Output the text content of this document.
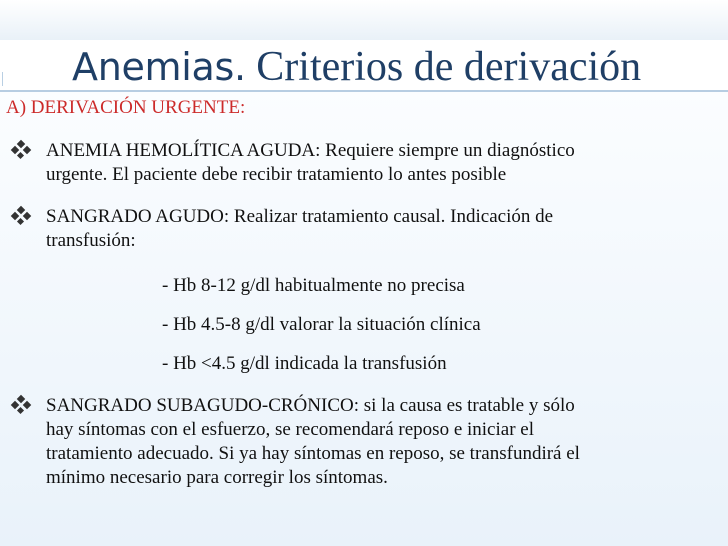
Anemias. Criterios de derivación
A) DERIVACIÓN URGENTE:
ANEMIA HEMOLÍTICA AGUDA: Requiere siempre un diagnóstico
urgente. El paciente debe recibir tratamiento lo antes posible
SANGRADO AGUDO: Realizar tratamiento causal. Indicación de
transfusión:
- Hb 8-12 g/dl habitualmente no precisa
- Hb 4.5-8 g/dl valorar la situación clínica
- Hb <4.5 g/dl indicada la transfusión
SANGRADO SUBAGUDO-CRÓNICO: si la causa es tratable y sólo
hay síntomas con el esfuerzo, se recomendará reposo e iniciar el
tratamiento adecuado. Si ya hay síntomas en reposo, se transfundirá el
mínimo necesario para corregir los síntomas.
